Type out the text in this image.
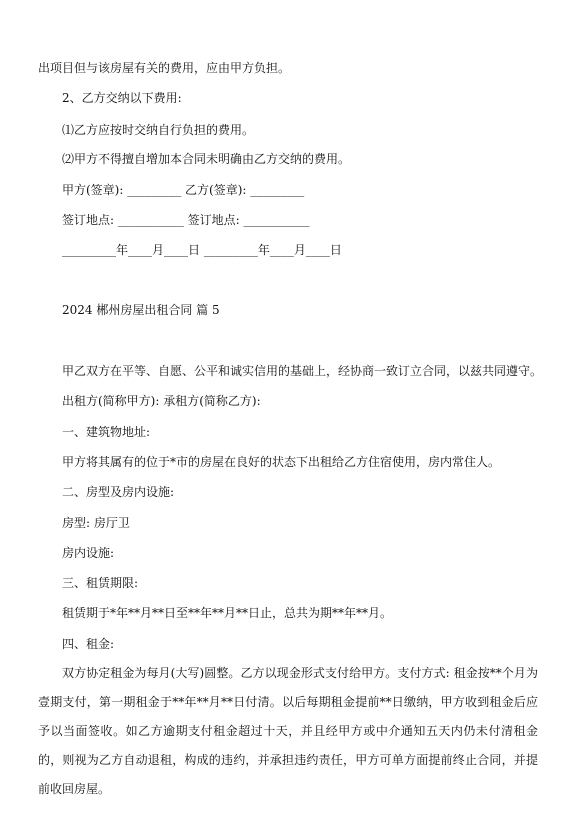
出项目但与该房屋有关的费用，应由甲方负担。
2、乙方交纳以下费用:
⑴乙方应按时交纳自行负担的费用。
⑵甲方不得擅自增加本合同未明确由乙方交纳的费用。
甲方(签章): _________ 乙方(签章): _________
签订地点: ___________ 签订地点: ___________
_________年____月____日 _________年____月____日
2024 郴州房屋出租合同 篇 5
甲乙双方在平等、自愿、公平和诚实信用的基础上，经协商一致订立合同，以兹共同遵守。
出租方(简称甲方): 承租方(简称乙方):
一、建筑物地址:
甲方将其属有的位于*市的房屋在良好的状态下出租给乙方住宿使用，房内常住人。
二、房型及房内设施:
房型: 房厅卫
房内设施:
三、租赁期限:
租赁期于*年**月**日至**年**月**日止，总共为期**年**月。
四、租金:
双方协定租金为每月(大写)圆整。乙方以现金形式支付给甲方。支付方式: 租金按**个月为壹期支付，第一期租金于**年**月**日付清。以后每期租金提前**日缴纳，甲方收到租金后应予以当面签收。如乙方逾期支付租金超过十天，并且经甲方或中介通知五天内仍未付清租金的，则视为乙方自动退租，构成的违约，并承担违约责任，甲方可单方面提前终止合同，并提前收回房屋。
